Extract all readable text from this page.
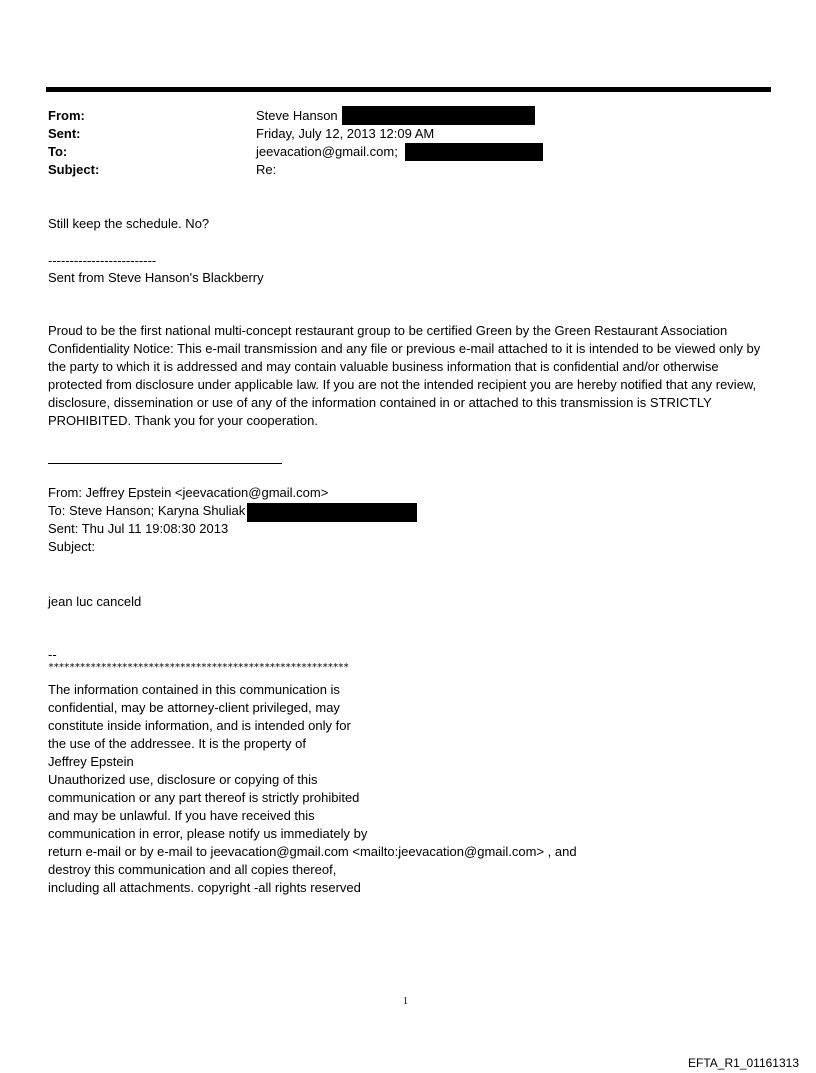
From:
Sent:
To:
Subject:
Steve Hanson
Friday, July 12, 2013 12:09 AM
jeevacation@gmail.com;
Re:
Still keep the schedule. No?
-------------------------
Sent from Steve Hanson's Blackberry
Proud to be the first national multi-concept restaurant group to be certified Green by the Green Restaurant Association Confidentiality Notice: This e-mail transmission and any file or previous e-mail attached to it is intended to be viewed only by the party to which it is addressed and may contain valuable business information that is confidential and/or otherwise protected from disclosure under applicable law. If you are not the intended recipient you are hereby notified that any review, disclosure, dissemination or use of any of the information contained in or attached to this transmission is STRICTLY PROHIBITED. Thank you for your cooperation.
From: Jeffrey Epstein <jeevacation@gmail.com>
To: Steve Hanson; Karyna Shuliak
Sent: Thu Jul 11 19:08:30 2013
Subject:
jean luc canceld
--
*********************************************************
The information contained in this communication is
confidential, may be attorney-client privileged, may
constitute inside information, and is intended only for
the use of the addressee. It is the property of
Jeffrey Epstein
Unauthorized use, disclosure or copying of this
communication or any part thereof is strictly prohibited
and may be unlawful. If you have received this
communication in error, please notify us immediately by
return e-mail or by e-mail to jeevacation@gmail.com <mailto:jeevacation@gmail.com> , and
destroy this communication and all copies thereof,
including all attachments. copyright -all rights reserved
1
EFTA_R1_01161313
